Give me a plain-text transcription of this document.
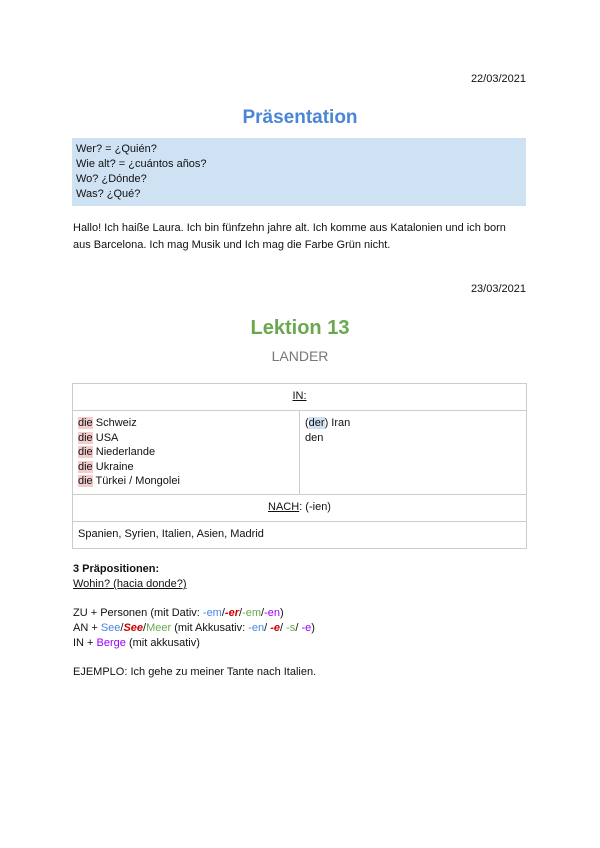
22/03/2021
Präsentation
Wer? = ¿Quién?
Wie alt? = ¿cuántos años?
Wo? ¿Dónde?
Was? ¿Qué?
Hallo! Ich haiße Laura. Ich bin fünfzehn jahre alt. Ich komme aus Katalonien und ich born aus Barcelona. Ich mag Musik und Ich mag die Farbe Grün nicht.
23/03/2021
Lektion 13
LANDER
IN:

die Schweiz
die USA
die Niederlande
die Ukraine
die Türkei / Mongolei

(der) Iran
den

NACH: (-ien)
Spanien, Syrien, Italien, Asien, Madrid
3 Präpositionen:
Wohin? (hacia donde?)
ZU + Personen (mit Dativ: -em/-er/-em/-en)
AN + See/See/Meer (mit Akkusativ: -en/ -e/ -s/ -e)
IN + Berge (mit akkusativ)
EJEMPLO: Ich gehe zu meiner Tante nach Italien.
